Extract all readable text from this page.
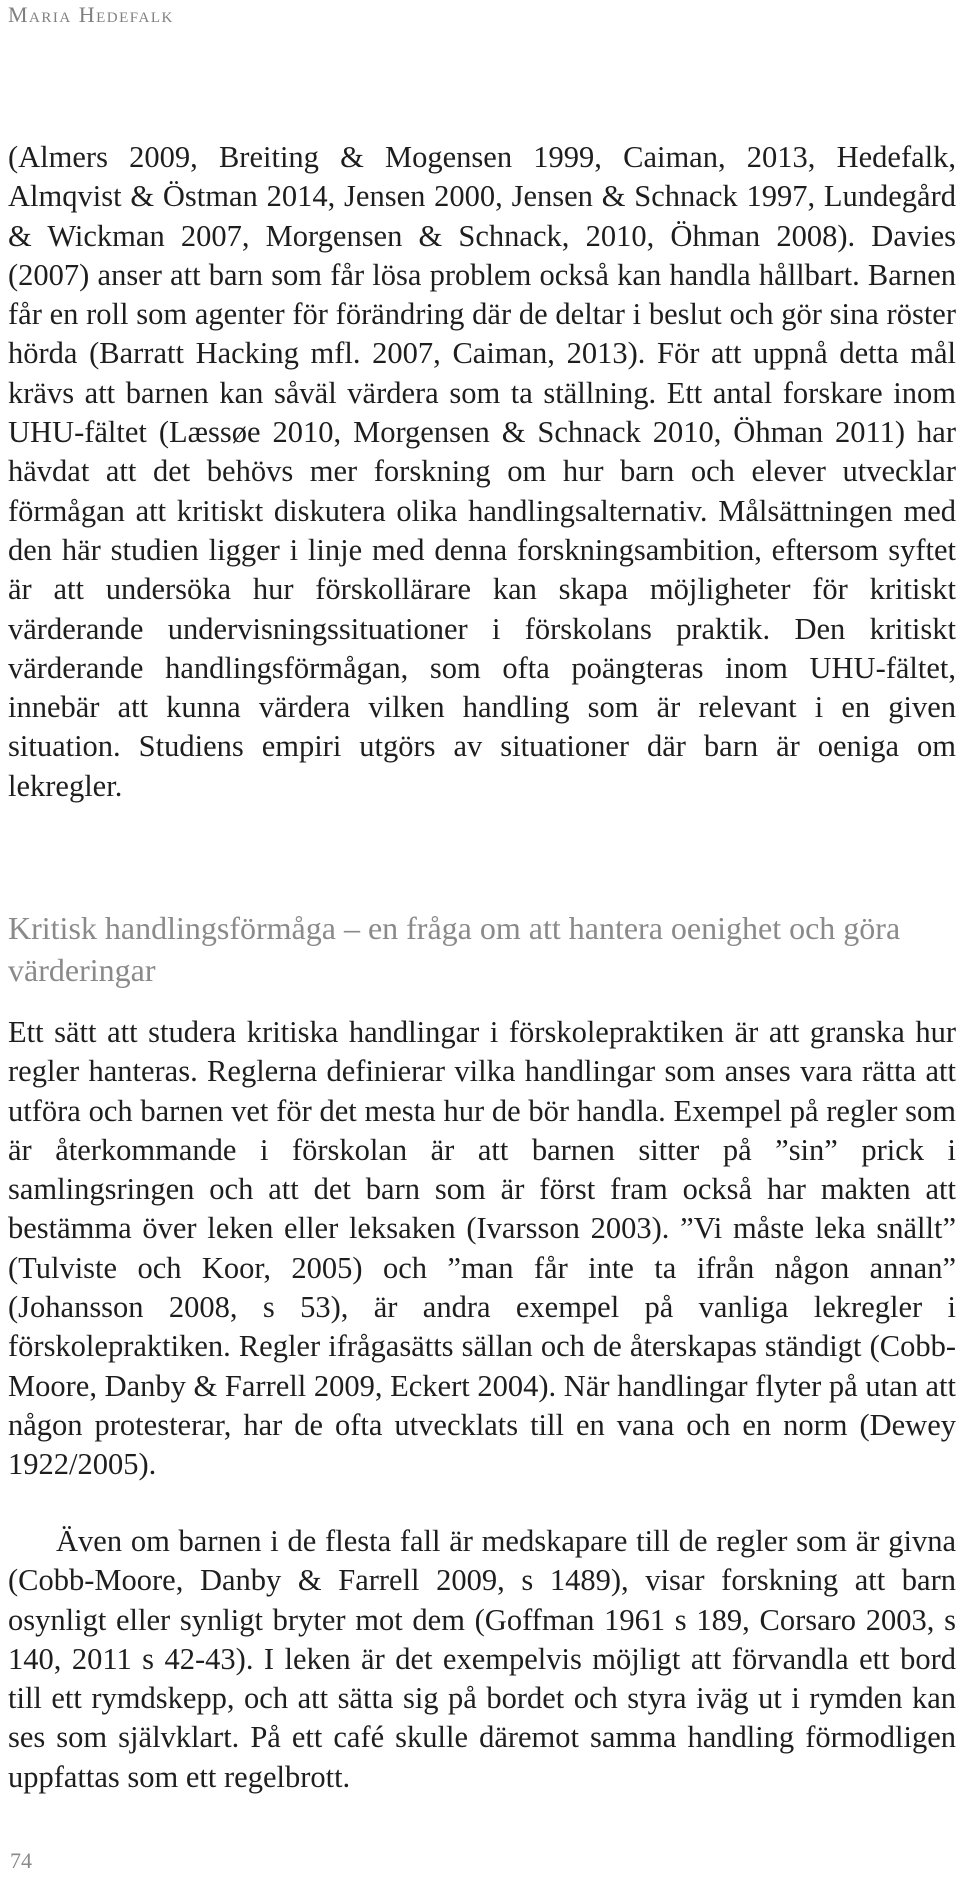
Maria Hedefalk

(Almers 2009, Breiting & Mogensen 1999, Caiman, 2013, Hedefalk, Almqvist & Östman 2014, Jensen 2000, Jensen & Schnack 1997, Lundegård & Wickman 2007, Morgensen & Schnack, 2010, Öhman 2008). Davies (2007) anser att barn som får lösa problem också kan handla hållbart. Barnen får en roll som agenter för förändring där de deltar i beslut och gör sina röster hörda (Barratt Hacking mfl. 2007, Caiman, 2013). För att uppnå detta mål krävs att barnen kan såväl värdera som ta ställning. Ett antal forskare inom UHU-fältet (Læssøe 2010, Morgensen & Schnack 2010, Öhman 2011) har hävdat att det behövs mer forskning om hur barn och elever utvecklar förmågan att kritiskt diskutera olika handlingsalternativ. Målsättningen med den här studien ligger i linje med denna forskningsambition, eftersom syftet är att undersöka hur förskollärare kan skapa möjligheter för kritiskt värderande undervisningssituationer i förskolans praktik. Den kritiskt värderande handlingsförmågan, som ofta poängteras inom UHU-fältet, innebär att kunna värdera vilken handling som är relevant i en given situation. Studiens empiri utgörs av situationer där barn är oeniga om lekregler.

Kritisk handlingsförmåga – en fråga om att hantera oenighet och göra värderingar

Ett sätt att studera kritiska handlingar i förskolepraktiken är att granska hur regler hanteras. Reglerna definierar vilka handlingar som anses vara rätta att utföra och barnen vet för det mesta hur de bör handla. Exempel på regler som är återkommande i förskolan är att barnen sitter på ”sin” prick i samlingsringen och att det barn som är först fram också har makten att bestämma över leken eller leksaken (Ivarsson 2003). ”Vi måste leka snällt” (Tulviste och Koor, 2005) och ”man får inte ta ifrån någon annan” (Johansson 2008, s 53), är andra exempel på vanliga lekregler i förskolepraktiken. Regler ifrågasätts sällan och de återskapas ständigt (Cobb-Moore, Danby & Farrell 2009, Eckert 2004). När handlingar flyter på utan att någon protesterar, har de ofta utvecklats till en vana och en norm (Dewey 1922/2005).

Även om barnen i de flesta fall är medskapare till de regler som är givna (Cobb-Moore, Danby & Farrell 2009, s 1489), visar forskning att barn osynligt eller synligt bryter mot dem (Goffman 1961 s 189, Corsaro 2003, s 140, 2011 s 42-43). I leken är det exempelvis möjligt att förvandla ett bord till ett rymdskepp, och att sätta sig på bordet och styra iväg ut i rymden kan ses som självklart. På ett café skulle däremot samma handling förmodligen uppfattas som ett regelbrott.

74
